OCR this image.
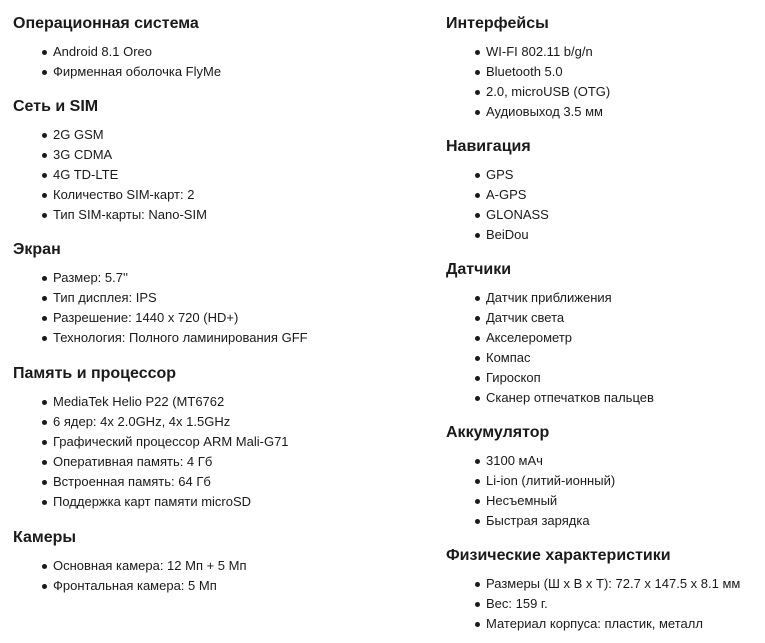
Операционная система
Android 8.1 Oreo
Фирменная оболочка FlyMe
Сеть и SIM
2G GSM
3G CDMA
4G TD-LTE
Количество SIM-карт: 2
Тип SIM-карты: Nano-SIM
Экран
Размер: 5.7''
Тип дисплея: IPS
Разрешение: 1440 x 720 (HD+)
Технология: Полного ламинирования GFF
Память и процессор
MediaTek Helio P22 (MT6762
6 ядер: 4x 2.0GHz, 4x 1.5GHz
Графический процессор ARM Mali-G71
Оперативная память: 4 Гб
Встроенная память: 64 Гб
Поддержка карт памяти microSD
Камеры
Основная камера: 12 Мп + 5 Мп
Фронтальная камера: 5 Мп
Интерфейсы
WI-FI 802.11 b/g/n
Bluetooth 5.0
2.0, microUSB (OTG)
Аудиовыход 3.5 мм
Навигация
GPS
A-GPS
GLONASS
BeiDou
Датчики
Датчик приближения
Датчик света
Акселерометр
Компас
Гироскоп
Сканер отпечатков пальцев
Аккумулятор
3100 мАч
Li-ion (литий-ионный)
Несъемный
Быстрая зарядка
Физические характеристики
Размеры (Ш x В x Т): 72.7 x 147.5 x 8.1 мм
Вес: 159 г.
Материал корпуса: пластик, металл
